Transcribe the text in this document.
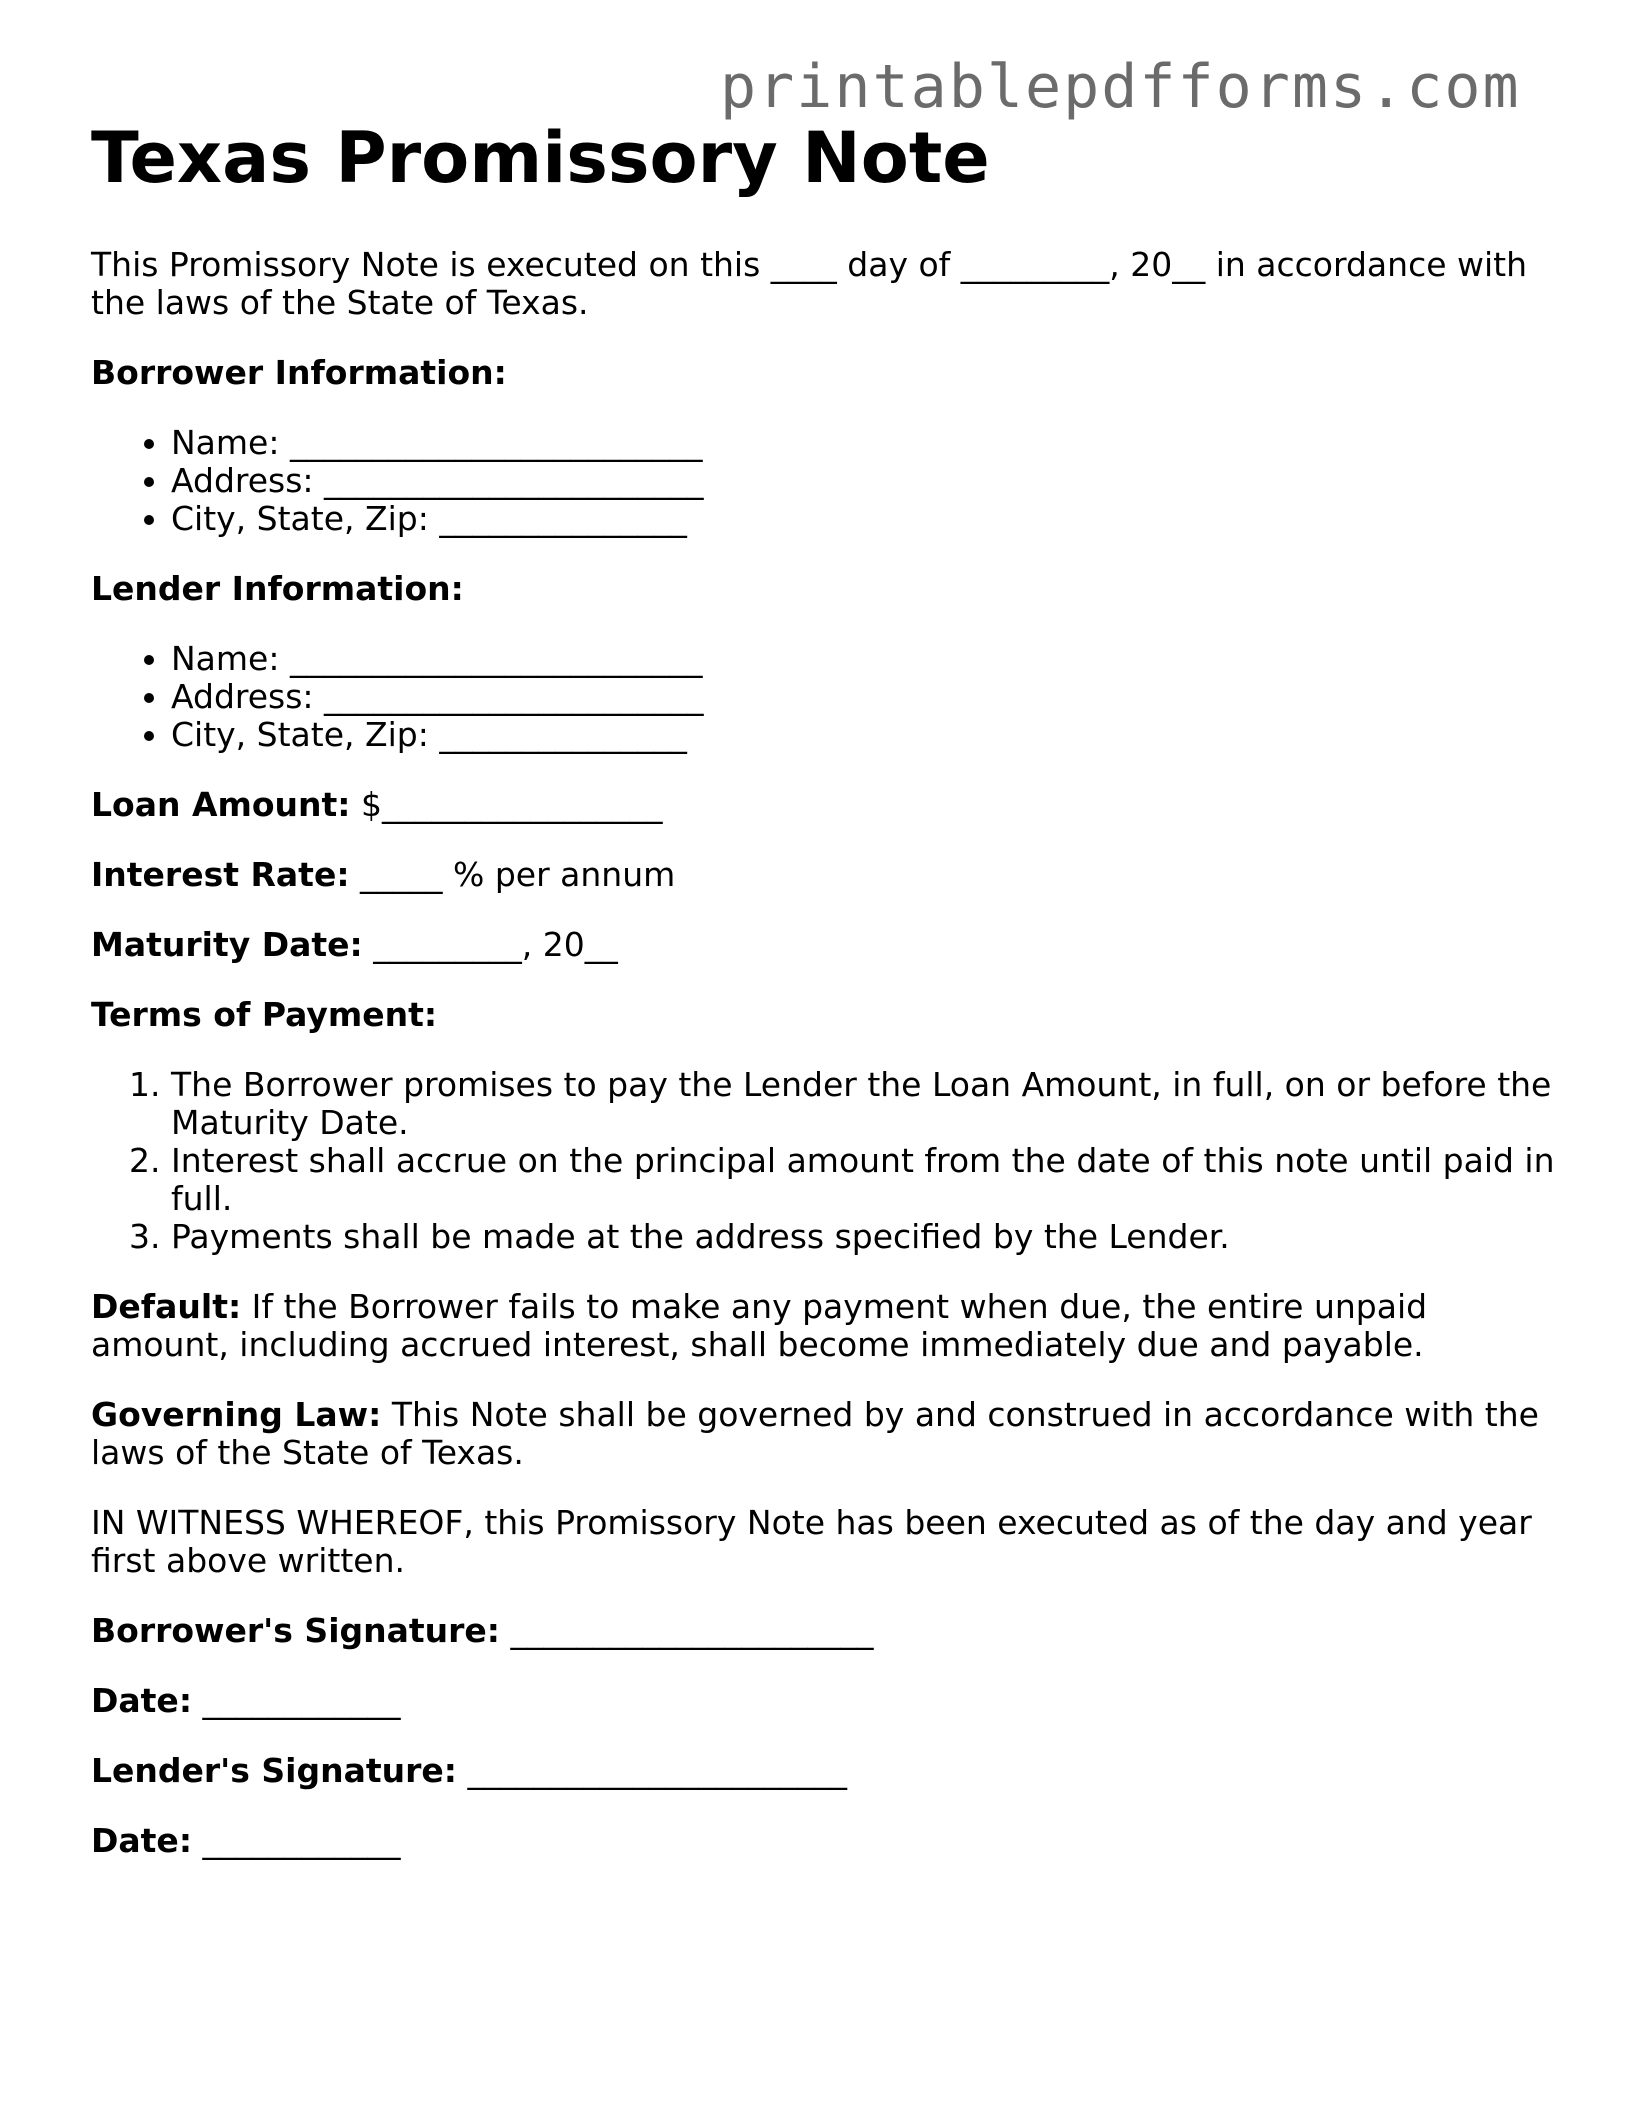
printablepdfforms.com
Texas Promissory Note

This Promissory Note is executed on this ____ day of _________, 20__ in accordance with the laws of the State of Texas.

Borrower Information:
• Name: _________________________
• Address: _______________________
• City, State, Zip: _______________
Lender Information:
• Name: _________________________
• Address: _______________________
• City, State, Zip: _______________

Loan Amount: $_________________

Interest Rate: _____ % per annum

Maturity Date: _________, 20__

Terms of Payment:
1. The Borrower promises to pay the Lender the Loan Amount, in full, on or before the Maturity Date.
2. Interest shall accrue on the principal amount from the date of this note until paid in full.
3. Payments shall be made at the address specified by the Lender.

Default: If the Borrower fails to make any payment when due, the entire unpaid amount, including accrued interest, shall become immediately due and payable.

Governing Law: This Note shall be governed by and construed in accordance with the laws of the State of Texas.

IN WITNESS WHEREOF, this Promissory Note has been executed as of the day and year first above written.

Borrower's Signature: ______________________
Date: ____________
Lender's Signature: _______________________
Date: ____________
